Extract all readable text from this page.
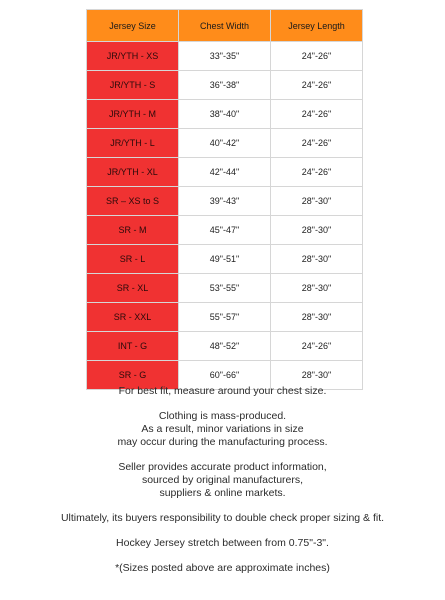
Jersey Size	Chest Width	Jersey Length
JR/YTH - XS	33"-35"	24"-26"
JR/YTH - S	36"-38"	24"-26"
JR/YTH - M	38"-40"	24"-26"
JR/YTH - L	40"-42"	24"-26"
JR/YTH - XL	42"-44"	24"-26"
SR – XS to S	39"-43"	28"-30"
SR - M	45"-47"	28"-30"
SR - L	49"-51"	28"-30"
SR - XL	53"-55"	28"-30"
SR - XXL	55"-57"	28"-30"
INT - G	48"-52"	24"-26"
SR - G	60"-66"	28"-30"

For best fit, measure around your chest size.

Clothing is mass-produced.
As a result, minor variations in size
may occur during the manufacturing process.

Seller provides accurate product information,
sourced by original manufacturers,
suppliers & online markets.

Ultimately, its buyers responsibility to double check proper sizing & fit.

Hockey Jersey stretch between from 0.75"-3".

*(Sizes posted above are approximate inches)
